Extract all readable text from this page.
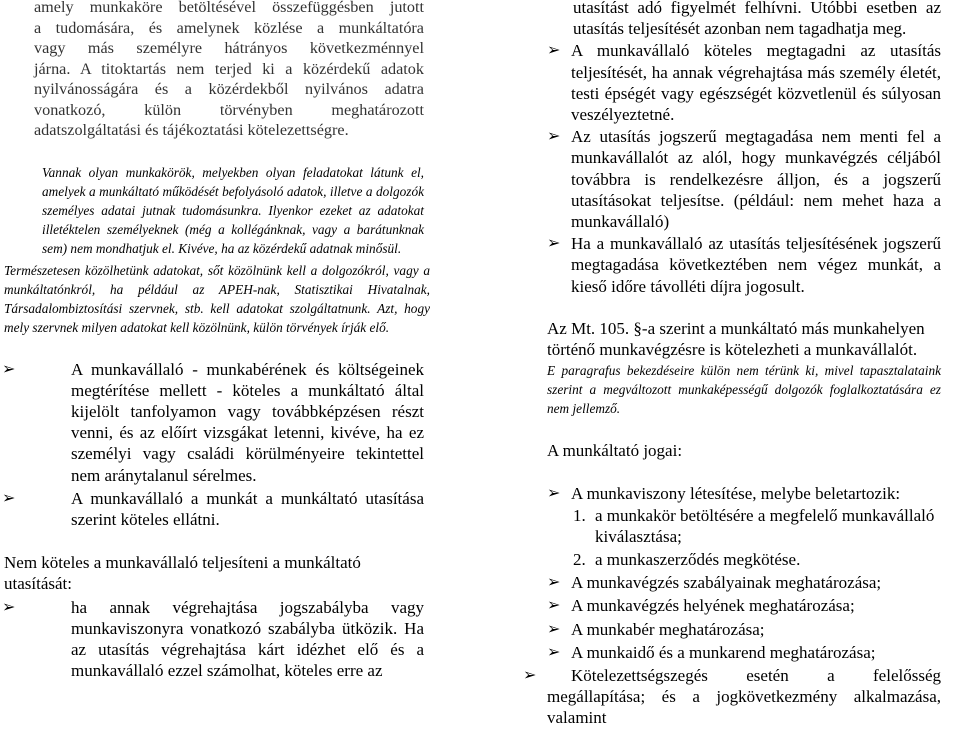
amely munkaköre betöltésével összefüggésben jutott
a tudomására, és amelynek közlése a munkáltatóra
vagy más személyre hátrányos következménnyel
járna. A titoktartás nem terjed ki a közérdekű adatok
nyilvánosságára és a közérdekből nyilvános adatra
vonatkozó, külön törvényben meghatározott
adatszolgáltatási és tájékoztatási kötelezettségre.

Vannak olyan munkakörök, melyekben olyan feladatokat látunk el, amelyek a munkáltató működését befolyásoló adatok, illetve a dolgozók személyes adatai jutnak tudomásunkra. Ilyenkor ezeket az adatokat illetéktelen személyeknek (még a kollégánknak, vagy a barátunknak sem) nem mondhatjuk el. Kivéve, ha az közérdekű adatnak minősül.

Természetesen közölhetünk adatokat, sőt közölnünk kell a dolgozókról, vagy a munkáltatónkról, ha például az APEH-nak, Statisztikai Hivatalnak, Társadalombiztosítási szervnek, stb. kell adatokat szolgáltatnunk. Azt, hogy mely szervnek milyen adatokat kell közölnünk, külön törvények írják elő.

➢	A munkavállaló - munkabérének és költségeinek megtérítése mellett - köteles a munkáltató által kijelölt tanfolyamon vagy továbbképzésen részt venni, és az előírt vizsgákat letenni, kivéve, ha ez személyi vagy családi körülményeire tekintettel nem aránytalanul sérelmes.
➢	A munkavállaló a munkát a munkáltató utasítása szerint köteles ellátni.

Nem köteles a munkavállaló teljesíteni a munkáltató utasítását:

➢	ha annak végrehajtása jogszabályba vagy munkaviszonyra vonatkozó szabályba ütközik. Ha az utasítás végrehajtása kárt idézhet elő és a munkavállaló ezzel számolhat, köteles erre az

utasítást adó figyelmét felhívni. Utóbbi esetben az utasítás teljesítését azonban nem tagadhatja meg.

➢ A munkavállaló köteles megtagadni az utasítás teljesítését, ha annak végrehajtása más személy életét, testi épségét vagy egészségét közvetlenül és súlyosan veszélyeztetné.
➢ Az utasítás jogszerű megtagadása nem menti fel a munkavállalót az alól, hogy munkavégzés céljából továbbra is rendelkezésre álljon, és a jogszerű utasításokat teljesítse. (például: nem mehet haza a munkavállaló)
➢ Ha a munkavállaló az utasítás teljesítésének jogszerű megtagadása következtében nem végez munkát, a kieső időre távolléti díjra jogosult.

Az Mt. 105. §-a szerint a munkáltató más munkahelyen történő munkavégzésre is kötelezheti a munkavállalót.

E paragrafus bekezdéseire külön nem térünk ki, mivel tapasztalataink szerint a megváltozott munkaképességű dolgozók foglalkoztatására ez nem jellemző.

A munkáltató jogai:

➢ A munkaviszony létesítése, melybe beletartozik:
1. a munkakör betöltésére a megfelelő munkavállaló kiválasztása;
2. a munkaszerződés megkötése.
➢ A munkavégzés szabályainak meghatározása;
➢ A munkavégzés helyének meghatározása;
➢ A munkabér meghatározása;
➢ A munkaidő és a munkarend meghatározása;
➢ Kötelezettségszegés esetén a felelősség megállapítása; és a jogkövetkezmény alkalmazása, valamint
